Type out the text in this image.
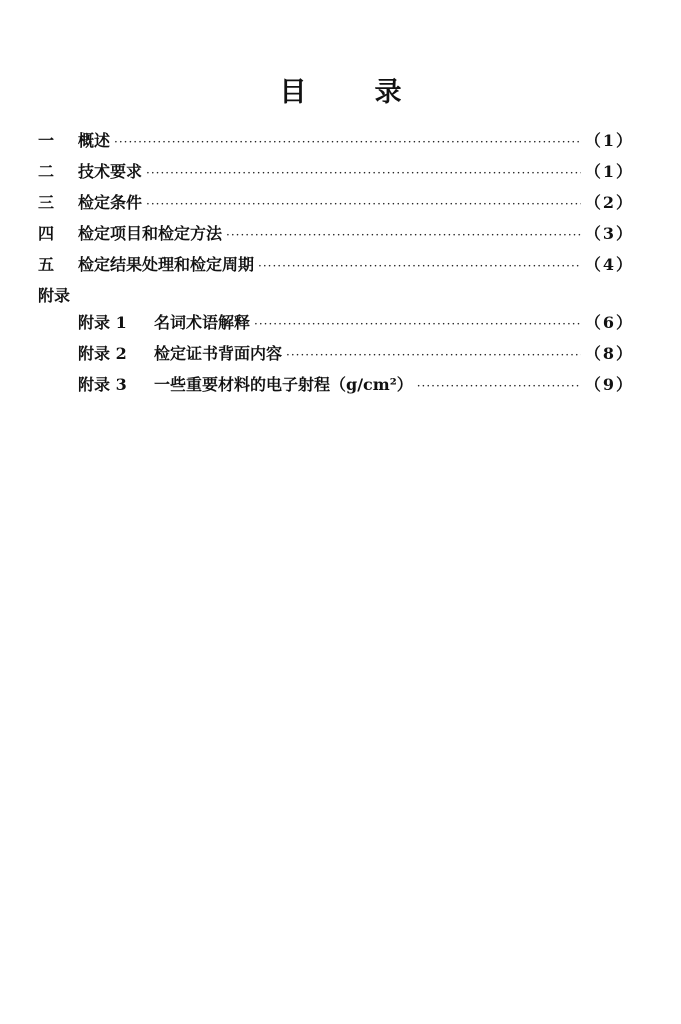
目	录
一	概述 ·····	（1）
二	技术要求 ·····	（1）
三	检定条件 ·····	（2）
四	检定项目和检定方法 ·····	（3）
五	检定结果处理和检定周期 ·····	（4）
附录
附录 1	名词术语解释 ·····	（6）
附录 2	检定证书背面内容 ·····	（8）
附录 3	一些重要材料的电子射程（g/cm²） ·····	（9）
